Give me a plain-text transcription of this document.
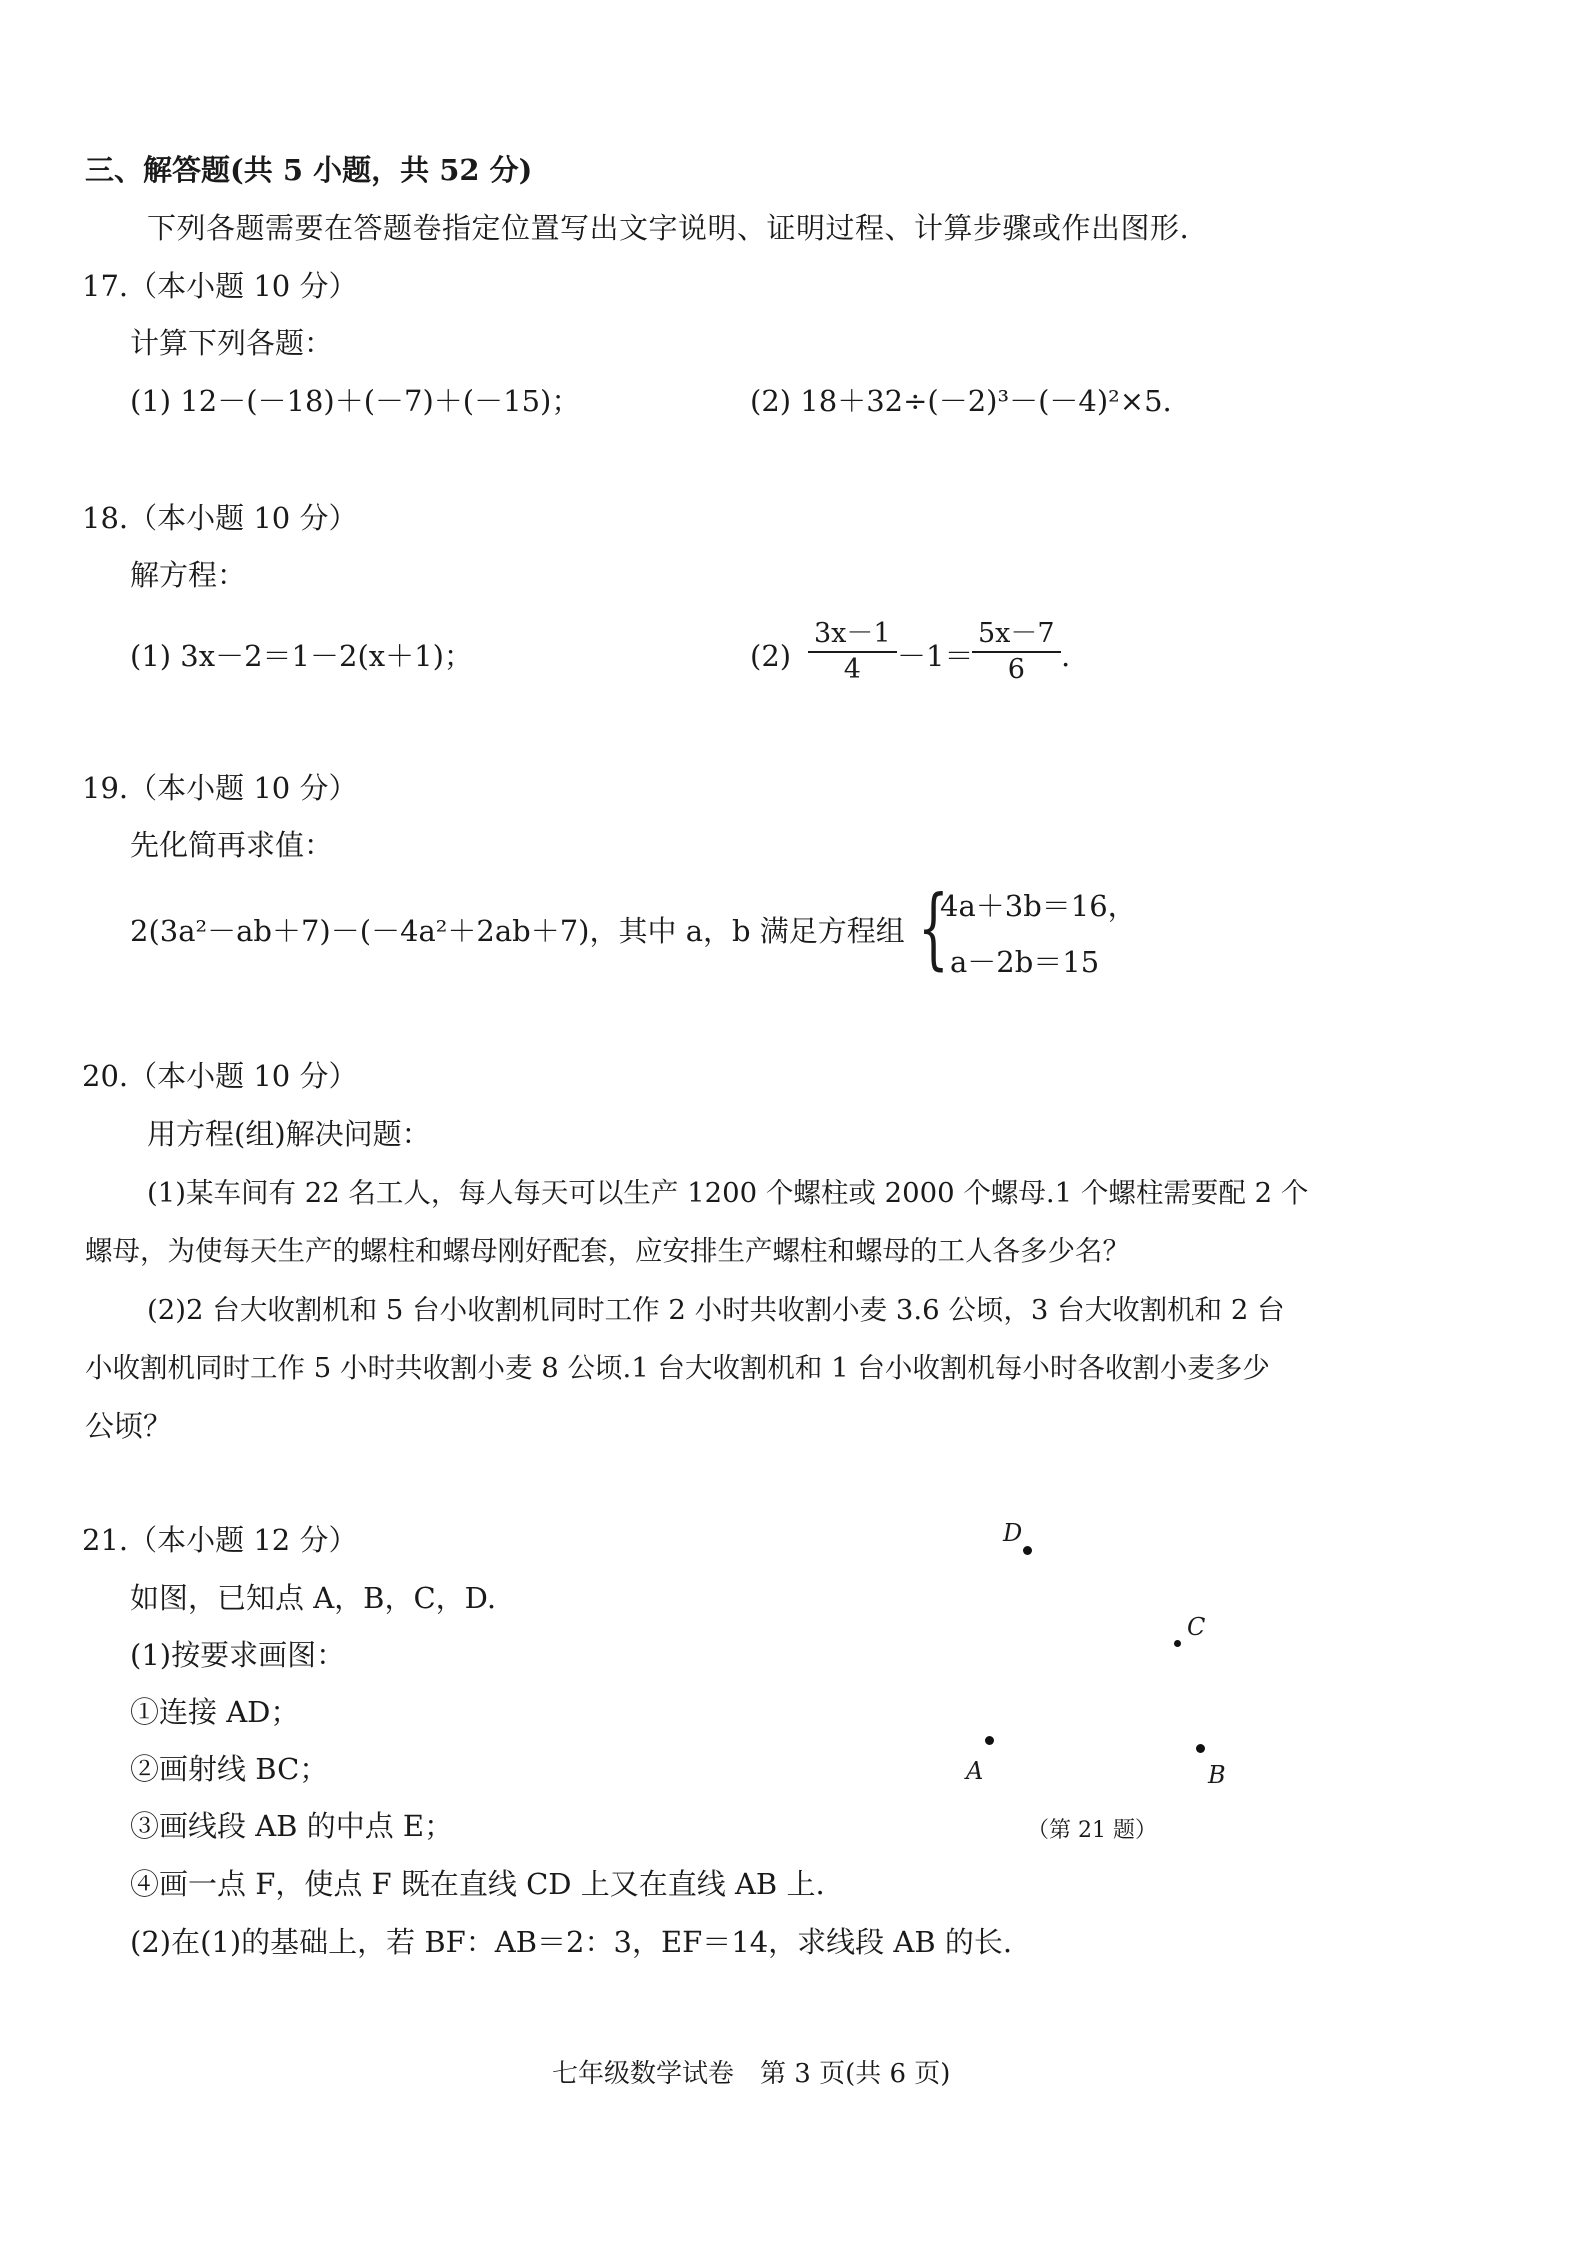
三、解答题(共 5 小题，共 52 分)
下列各题需要在答题卷指定位置写出文字说明、证明过程、计算步骤或作出图形.
17.（本小题 10 分）
计算下列各题：
(1) 12－(－18)＋(－7)＋(－15)；	(2) 18＋32÷(－2)³－(－4)²×5.
18.（本小题 10 分）
解方程：
(1) 3x－2＝1－2(x＋1)；	$(2) \frac{3x-1}{4} -1=$
$\frac{5x-7}{6}$ .
19.（本小题 10 分）
先化简再求值：
2(3a²－ab＋7)－(－4a²＋2ab＋7)，其中 a，b 满足方程组 {
4a＋3b＝16，
a－2b＝15
20.（本小题 10 分）
用方程(组)解决问题：
(1)某车间有 22 名工人，每人每天可以生产 1200 个螺柱或 2000 个螺母.1 个螺柱需要配 2 个
螺母，为使每天生产的螺柱和螺母刚好配套，应安排生产螺柱和螺母的工人各多少名？
(2)2 台大收割机和 5 台小收割机同时工作 2 小时共收割小麦 3.6 公顷，3 台大收割机和 2 台
小收割机同时工作 5 小时共收割小麦 8 公顷.1 台大收割机和 1 台小收割机每小时各收割小麦多少
公顷？
21.（本小题 12 分）
如图，已知点 A，B，C，D.
(1)按要求画图：
①连接 AD；
②画射线 BC；
③画线段 AB 的中点 E；
④画一点 F，使点 F 既在直线 CD 上又在直线 AB 上.
(2)在(1)的基础上，若 BF：AB＝2：3，EF＝14，求线段 AB 的长.
D
C
A	B
（第 21 题）
七年级数学试卷　第 3 页(共 6 页)
